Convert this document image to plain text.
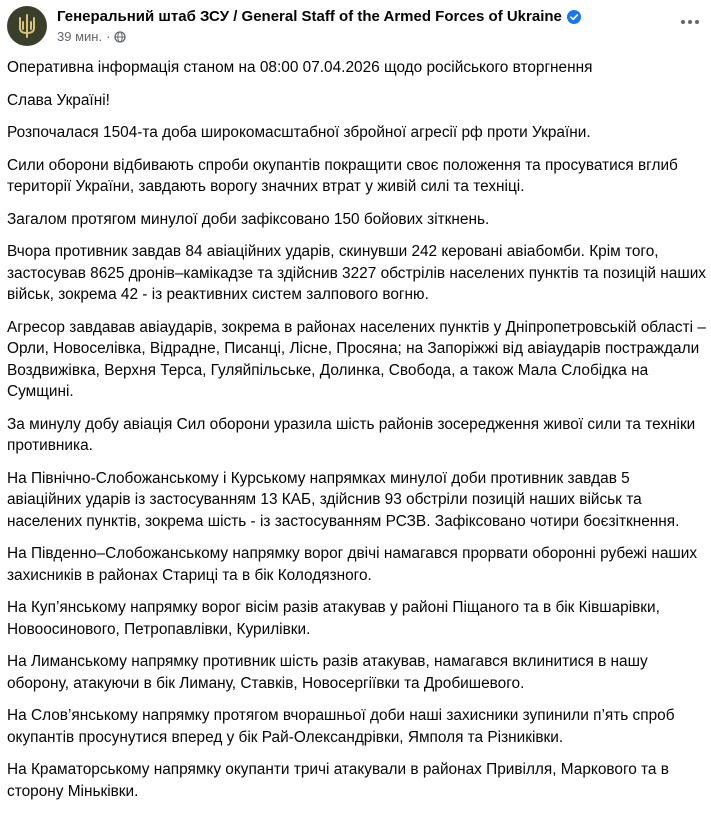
Генеральний штаб ЗСУ / General Staff of the Armed Forces of Ukraine
39 мин. ·

Оперативна інформація станом на 08:00 07.04.2026 щодо російського вторгнення

Слава Україні!

Розпочалася 1504-та доба широкомасштабної збройної агресії рф проти України.

Сили оборони відбивають спроби окупантів покращити своє положення та просуватися вглиб території України, завдають ворогу значних втрат у живій силі та техніці.

Загалом протягом минулої доби зафіксовано 150 бойових зіткнень.

Вчора противник завдав 84 авіаційних ударів, скинувши 242 керовані авіабомби. Крім того, застосував 8625 дронів–камікадзе та здійснив 3227 обстрілів населених пунктів та позицій наших військ, зокрема 42 - із реактивних систем залпового вогню.

Агресор завдавав авіаударів, зокрема в районах населених пунктів у Дніпропетровській області – Орли, Новоселівка, Відрадне, Писанці, Лісне, Просяна; на Запоріжжі від авіаударів постраждали Воздвижівка, Верхня Терса, Гуляйпільське, Долинка, Свобода, а також Мала Слобідка на Сумщині.

За минулу добу авіація Сил оборони уразила шість районів зосередження живої сили та техніки противника.

На Північно-Слобожанському і Курському напрямках минулої доби противник завдав 5 авіаційних ударів із застосуванням 13 КАБ, здійснив 93 обстріли позицій наших військ та населених пунктів, зокрема шість - із застосуванням РСЗВ. Зафіксовано чотири боєзіткнення.

На Південно–Слобожанському напрямку ворог двічі намагався прорвати оборонні рубежі наших захисників в районах Стариці та в бік Колодязного.

На Куп’янському напрямку ворог вісім разів атакував у районі Піщаного та в бік Ківшарівки, Новоосинового, Петропавлівки, Курилівки.

На Лиманському напрямку противник шість разів атакував, намагався вклинитися в нашу оборону, атакуючи в бік Лиману, Ставків, Новосергіївки та Дробишевого.

На Слов’янському напрямку протягом вчорашньої доби наші захисники зупинили п’ять спроб окупантів просунутися вперед у бік Рай-Олександрівки, Ямполя та Різниківки.

На Краматорському напрямку окупанти тричі атакували в районах Привілля, Маркового та в сторону Міньківки.
